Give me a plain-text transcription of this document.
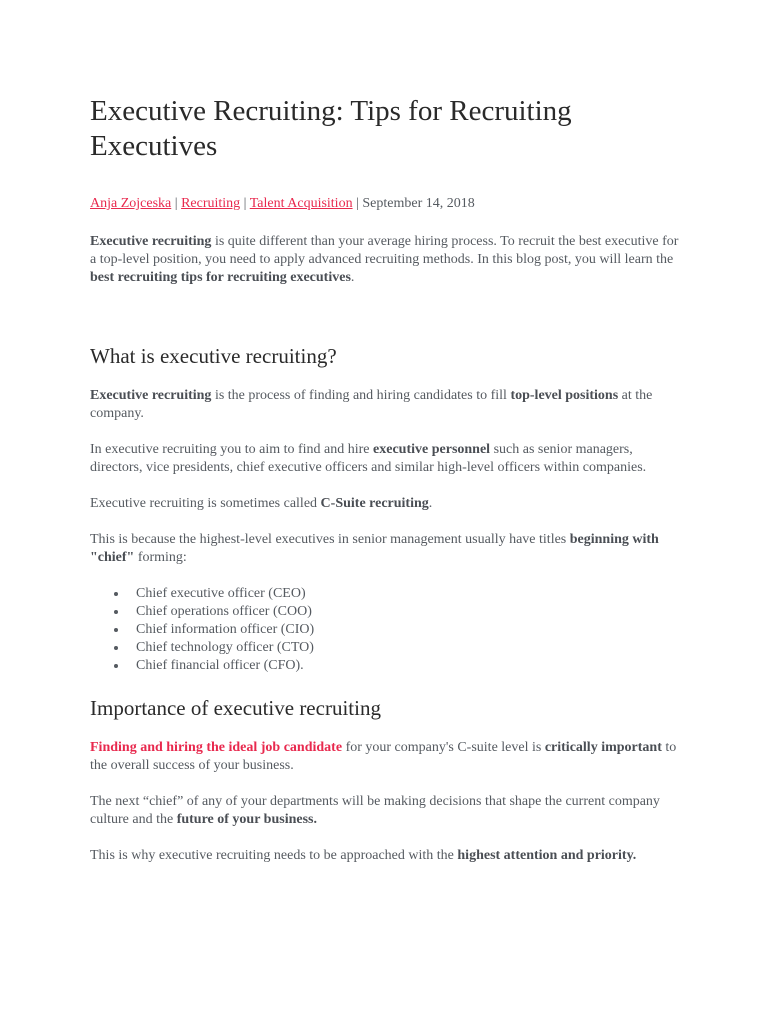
Executive Recruiting: Tips for Recruiting Executives
Anja Zojceska | Recruiting | Talent Acquisition | September 14, 2018

Executive recruiting is quite different than your average hiring process. To recruit the best executive for a top-level position, you need to apply advanced recruiting methods. In this blog post, you will learn the best recruiting tips for recruiting executives.

What is executive recruiting?

Executive recruiting is the process of finding and hiring candidates to fill top-level positions at the company.

In executive recruiting you to aim to find and hire executive personnel such as senior managers, directors, vice presidents, chief executive officers and similar high-level officers within companies.

Executive recruiting is sometimes called C-Suite recruiting.

This is because the highest-level executives in senior management usually have titles beginning with "chief" forming:

Chief executive officer (CEO)
Chief operations officer (COO)
Chief information officer (CIO)
Chief technology officer (CTO)
Chief financial officer (CFO).
Importance of executive recruiting

Finding and hiring the ideal job candidate for your company's C-suite level is critically important to the overall success of your business.

The next “chief” of any of your departments will be making decisions that shape the current company culture and the future of your business.

This is why executive recruiting needs to be approached with the highest attention and priority.
